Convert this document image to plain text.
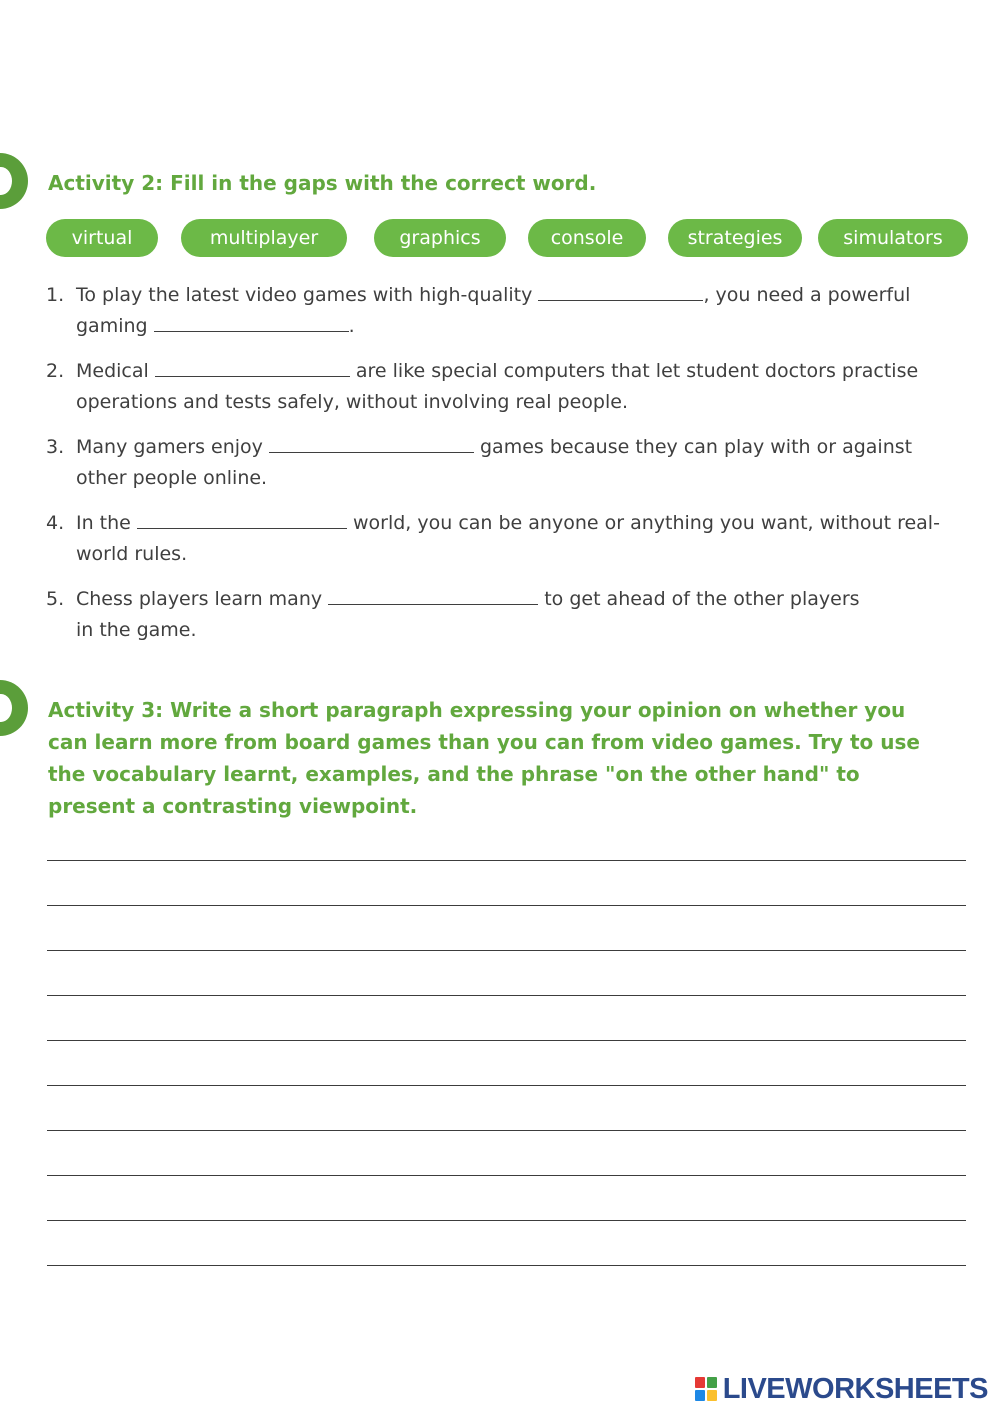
Activity 2: Fill in the gaps with the correct word.
virtual	multiplayer	graphics	console	strategies	simulators
1. To play the latest video games with high-quality	, you need a powerful
gaming	.
2. Medical	are like special computers that let student doctors practise operations and tests safely, without involving real people.
3. Many gamers enjoy	games because they can play with or against other people online.
4. In the	world, you can be anyone or anything you want, without real-world rules.
5. Chess players learn many	to get ahead of the other players
in the game.
Activity 3: Write a short paragraph expressing your opinion on whether you can learn more from board games than you can from video games. Try to use the vocabulary learnt, examples, and the phrase "on the other hand" to present a contrasting viewpoint.
LIVEWORKSHEETS
